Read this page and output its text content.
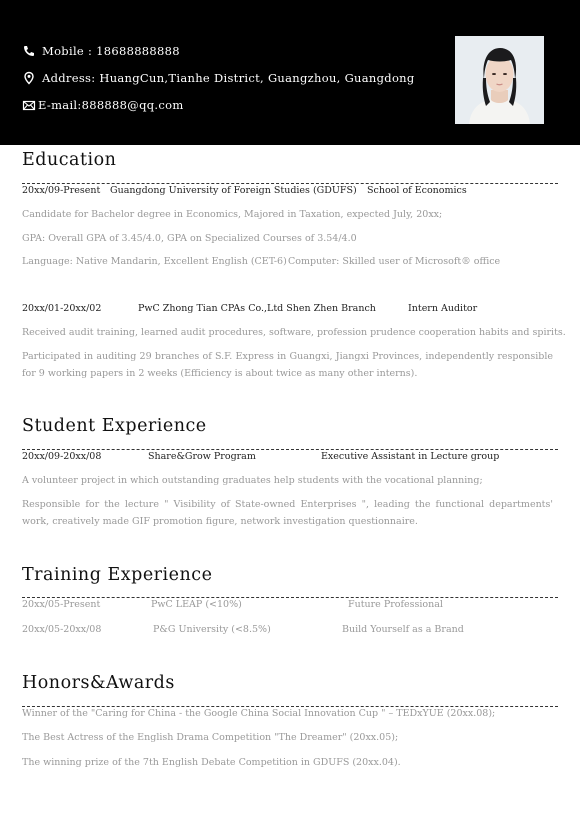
Mobile : 18688888888
Address: HuangCun,Tianhe District, Guangzhou, Guangdong
E-mail:888888@qq.com
Education
20xx/09-Present Guangdong University of Foreign Studies (GDUFS) School of Economics
Candidate for Bachelor degree in Economics, Majored in Taxation, expected July, 20xx;
GPA: Overall GPA of 3.45/4.0, GPA on Specialized Courses of 3.54/4.0
Language: Native Mandarin, Excellent English (CET-6) Computer: Skilled user of Microsoft® office
20xx/01-20xx/02	PwC Zhong Tian CPAs Co.,Ltd Shen Zhen Branch	Intern Auditor
Received audit training, learned audit procedures, software, profession prudence cooperation habits and spirits.
Participated in auditing 29 branches of S.F. Express in Guangxi, Jiangxi Provinces, independently responsible for 9 working papers in 2 weeks (Efficiency is about twice as many other interns).
Student Experience
20xx/09-20xx/08	Share&Grow Program	Executive Assistant in Lecture group
A volunteer project in which outstanding graduates help students with the vocational planning;
Responsible for the lecture " Visibility of State-owned Enterprises ", leading the functional departments' work, creatively made GIF promotion figure, network investigation questionnaire.
Training Experience
20xx/05-Present	PwC LEAP (<10%)	Future Professional
20xx/05-20xx/08	P&G University (<8.5%)	Build Yourself as a Brand
Honors&Awards
Winner of the "Caring for China - the Google China Social Innovation Cup " – TEDxYUE (20xx.08);
The Best Actress of the English Drama Competition "The Dreamer" (20xx.05);
The winning prize of the 7th English Debate Competition in GDUFS (20xx.04).
